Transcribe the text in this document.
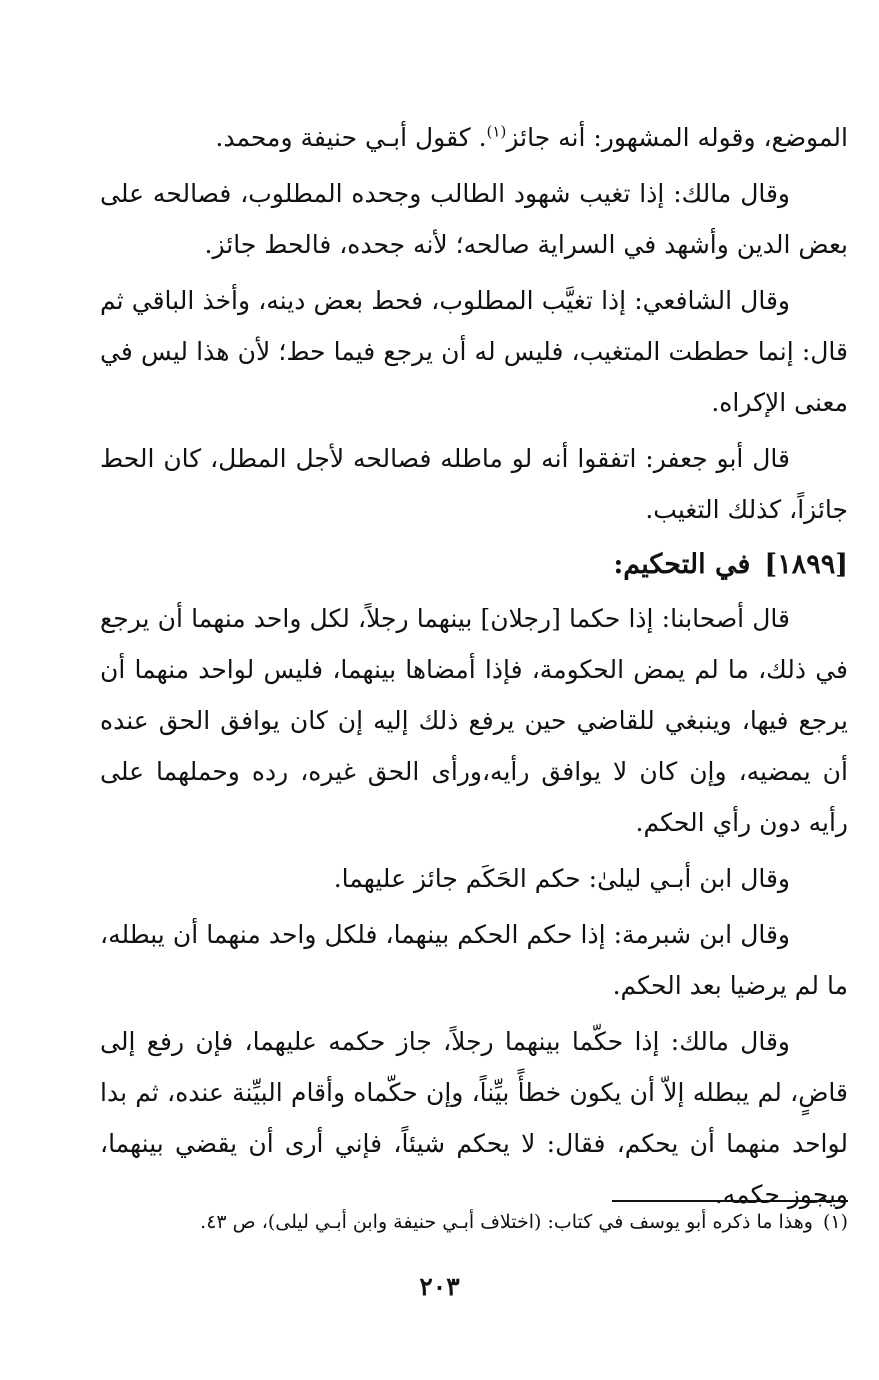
الموضع، وقوله المشهور: أنه جائز$^{(١)}$. كقول أبـي حنيفة ومحمد.

وقال مالك: إذا تغيب شهود الطالب وجحده المطلوب، فصالحه على بعض الدين وأشهد في السراية صالحه؛ لأنه جحده، فالحط جائز.

وقال الشافعي: إذا تغيَّب المطلوب، فحط بعض دينه، وأخذ الباقي ثم قال: إنما حططت المتغيب، فليس له أن يرجع فيما حط؛ لأن هذا ليس في معنى الإكراه.

قال أبو جعفر: اتفقوا أنه لو ماطله فصالحه لأجل المطل، كان الحط جائزاً، كذلك التغيب.

[١٨٩٩]في التحكيم:

قال أصحابنا: إذا حكما [رجلان] بينهما رجلاً، لكل واحد منهما أن يرجع في ذلك، ما لم يمض الحكومة، فإذا أمضاها بينهما، فليس لواحد منهما أن يرجع فيها، وينبغي للقاضي حين يرفع ذلك إليه إن كان يوافق الحق عنده أن يمضيه، وإن كان لا يوافق رأيه،ورأى الحق غيره، رده وحملهما على رأيه دون رأي الحكم.

وقال ابن أبـي ليلىٰ: حكم الحَكَم جائز عليهما.

وقال ابن شبرمة: إذا حكم الحكم بينهما، فلكل واحد منهما أن يبطله، ما لم يرضيا بعد الحكم.

وقال مالك: إذا حكّما بينهما رجلاً، جاز حكمه عليهما، فإن رفع إلى قاضٍ، لم يبطله إلاّ أن يكون خطأً بيِّناً، وإن حكّماه وأقام البيِّنة عنده، ثم بدا لواحد منهما أن يحكم، فقال: لا يحكم شيئاً، فإني أرى أن يقضي بينهما، ويجوز حكمه.

(١)وهذا ما ذكره أبو يوسف في كتاب: (اختلاف أبـي حنيفة وابن أبـي ليلى)، ص ٤٣.
٢٠٣
